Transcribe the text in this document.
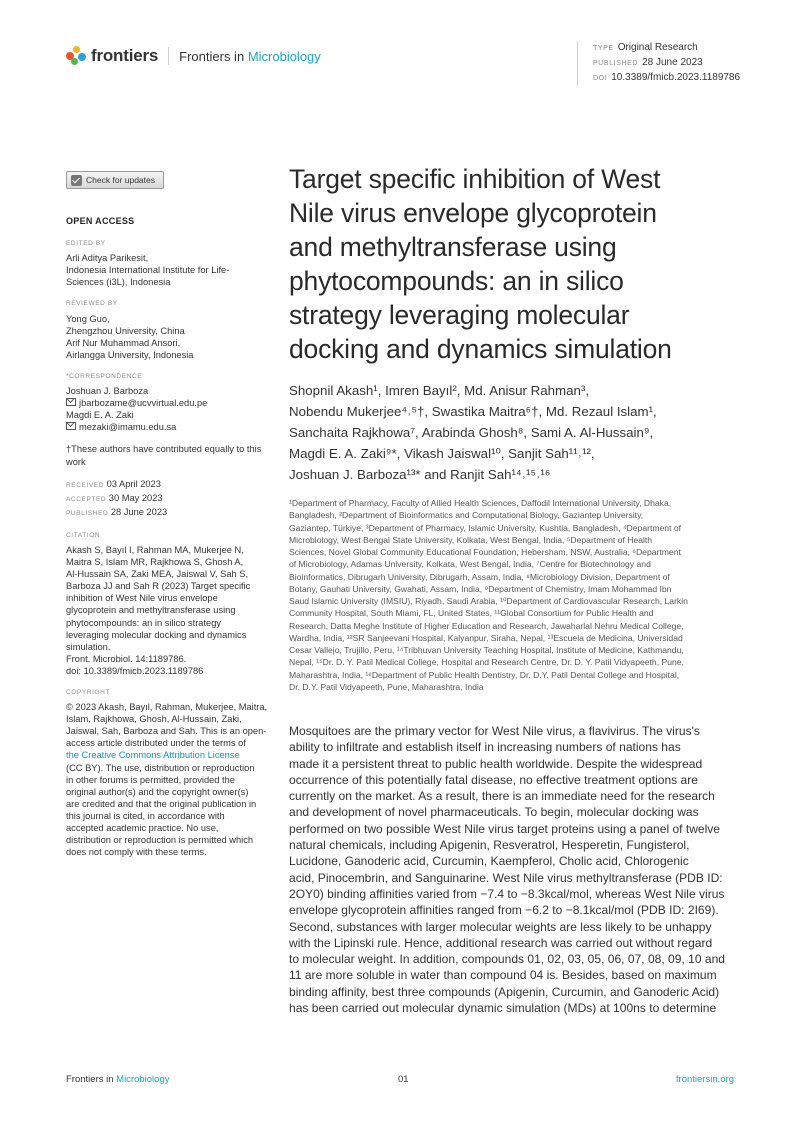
frontiers Frontiers in Microbiology	TYPE Original Research
PUBLISHED 28 June 2023
DOI 10.3389/fmicb.2023.1189786
Check for updates
OPEN ACCESS
EDITED BY
Arli Aditya Parikesit,
Indonesia International Institute for Life-
Sciences (i3L), Indonesia
REVIEWED BY
Yong Guo,
Zhengzhou University, China
Arif Nur Muhammad Ansori,
Airlangga University, Indonesia
*CORRESPONDENCE
Joshuan J. Barboza
jbarbozame@ucvvirtual.edu.pe
Magdi E. A. Zaki
mezaki@imamu.edu.sa
†These authors have contributed equally to this
work
RECEIVED 03 April 2023
ACCEPTED 30 May 2023
PUBLISHED 28 June 2023
CITATION
Akash S, Bayıl I, Rahman MA, Mukerjee N,
Maitra S, Islam MR, Rajkhowa S, Ghosh A,
Al-Hussain SA, Zaki MEA, Jaiswal V, Sah S,
Barboza JJ and Sah R (2023) Target specific
inhibition of West Nile virus envelope
glycoprotein and methyltransferase using
phytocompounds: an in silico strategy
leveraging molecular docking and dynamics
simulation.
Front. Microbiol. 14:1189786.
doi: 10.3389/fmicb.2023.1189786
COPYRIGHT
© 2023 Akash, Bayıl, Rahman, Mukerjee, Maitra,
Islam, Rajkhowa, Ghosh, Al-Hussain, Zaki,
Jaiswal, Sah, Barboza and Sah. This is an open-
access article distributed under the terms of
the Creative Commons Attribution License
(CC BY). The use, distribution or reproduction
in other forums is permitted, provided the
original author(s) and the copyright owner(s)
are credited and that the original publication in
this journal is cited, in accordance with
accepted academic practice. No use,
distribution or reproduction is permitted which
does not comply with these terms.
Target specific inhibition of West
Nile virus envelope glycoprotein
and methyltransferase using
phytocompounds: an in silico
strategy leveraging molecular
docking and dynamics simulation
Shopnil Akash¹, Imren Bayıl², Md. Anisur Rahman³,
Nobendu Mukerjee⁴˒⁵†, Swastika Maitra⁶†, Md. Rezaul Islam¹,
Sanchaita Rajkhowa⁷, Arabinda Ghosh⁸, Sami A. Al-Hussain⁹,
Magdi E. A. Zaki⁹*, Vikash Jaiswal¹⁰, Sanjit Sah¹¹˒¹²,
Joshuan J. Barboza¹³* and Ranjit Sah¹⁴˒¹⁵˒¹⁶
¹Department of Pharmacy, Faculty of Allied Health Sciences, Daffodil International University, Dhaka,
Bangladesh, ²Department of Bioinformatics and Computational Biology, Gaziantep University,
Gaziantep, Türkiye, ³Department of Pharmacy, Islamic University, Kushtia, Bangladesh, ⁴Department of
Microbiology, West Bengal State University, Kolkata, West Bengal, India, ⁵Department of Health
Sciences, Novel Global Community Educational Foundation, Hebersham, NSW, Australia, ⁶Department
of Microbiology, Adamas University, Kolkata, West Bengal, India, ⁷Centre for Biotechnology and
Bioinformatics, Dibrugarh University, Dibrugarh, Assam, India, ⁸Microbiology Division, Department of
Botany, Gauhati University, Gwahati, Assam, India, ⁹Department of Chemistry, Imam Mohammad Ibn
Saud Islamic University (IMSIU), Riyadh, Saudi Arabia, ¹⁰Department of Cardiovascular Research, Larkin
Community Hospital, South Miami, FL, United States, ¹¹Global Consortium for Public Health and
Research, Datta Meghe Institute of Higher Education and Research, Jawaharlal Nehru Medical College,
Wardha, India, ¹²SR Sanjeevani Hospital, Kalyanpur, Siraha, Nepal, ¹³Escuela de Medicina, Universidad
Cesar Vallejo, Trujillo, Peru, ¹⁴Tribhuvan University Teaching Hospital, Institute of Medicine, Kathmandu,
Nepal, ¹⁵Dr. D. Y. Patil Medical College, Hospital and Research Centre, Dr. D. Y. Patil Vidyapeeth, Pune,
Maharashtra, India, ¹⁶Department of Public Health Dentistry, Dr. D.Y. Patil Dental College and Hospital,
Dr. D.Y. Patil Vidyapeeth, Pune, Maharashtra, India
Mosquitoes are the primary vector for West Nile virus, a flavivirus. The virus's
ability to infiltrate and establish itself in increasing numbers of nations has
made it a persistent threat to public health worldwide. Despite the widespread
occurrence of this potentially fatal disease, no effective treatment options are
currently on the market. As a result, there is an immediate need for the research
and development of novel pharmaceuticals. To begin, molecular docking was
performed on two possible West Nile virus target proteins using a panel of twelve
natural chemicals, including Apigenin, Resveratrol, Hesperetin, Fungisterol,
Lucidone, Ganoderic acid, Curcumin, Kaempferol, Cholic acid, Chlorogenic
acid, Pinocembrin, and Sanguinarine. West Nile virus methyltransferase (PDB ID:
2OY0) binding affinities varied from −7.4 to −8.3kcal/mol, whereas West Nile virus
envelope glycoprotein affinities ranged from −6.2 to −8.1kcal/mol (PDB ID: 2I69).
Second, substances with larger molecular weights are less likely to be unhappy
with the Lipinski rule. Hence, additional research was carried out without regard
to molecular weight. In addition, compounds 01, 02, 03, 05, 06, 07, 08, 09, 10 and
11 are more soluble in water than compound 04 is. Besides, based on maximum
binding affinity, best three compounds (Apigenin, Curcumin, and Ganoderic Acid)
has been carried out molecular dynamic simulation (MDs) at 100ns to determine
Frontiers in Microbiology	01	frontiersin.org
